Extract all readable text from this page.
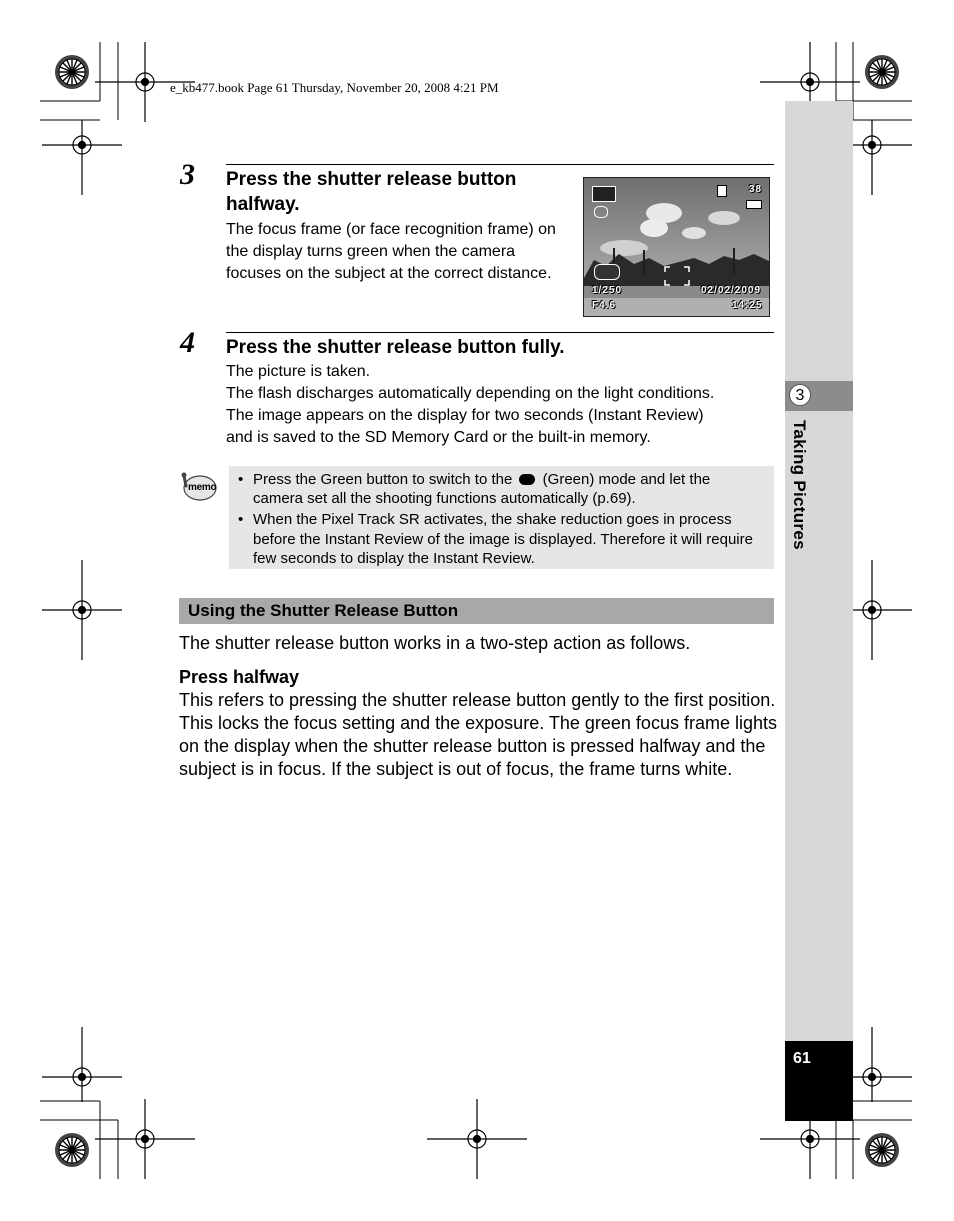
e_kb477.book Page 61 Thursday, November 20, 2008 4:21 PM
3
Taking Pictures
61
3 Press the shutter release button halfway.
The focus frame (or face recognition frame) on the display turns green when the camera focuses on the subject at the correct distance.
38
1/250	02/02/2009
F4.6	14:25
4 Press the shutter release button fully.
The picture is taken.
The flash discharges automatically depending on the light conditions.
The image appears on the display for two seconds (Instant Review)
and is saved to the SD Memory Card or the built-in memory.
memo • Press the Green button to switch to the (Green) mode and let the camera set all the shooting functions automatically (p.69).
• When the Pixel Track SR activates, the shake reduction goes in process before the Instant Review of the image is displayed. Therefore it will require few seconds to display the Instant Review.
Using the Shutter Release Button
The shutter release button works in a two-step action as follows.
Press halfway
This refers to pressing the shutter release button gently to the first position. This locks the focus setting and the exposure. The green focus frame lights on the display when the shutter release button is pressed halfway and the subject is in focus. If the subject is out of focus, the frame turns white.
